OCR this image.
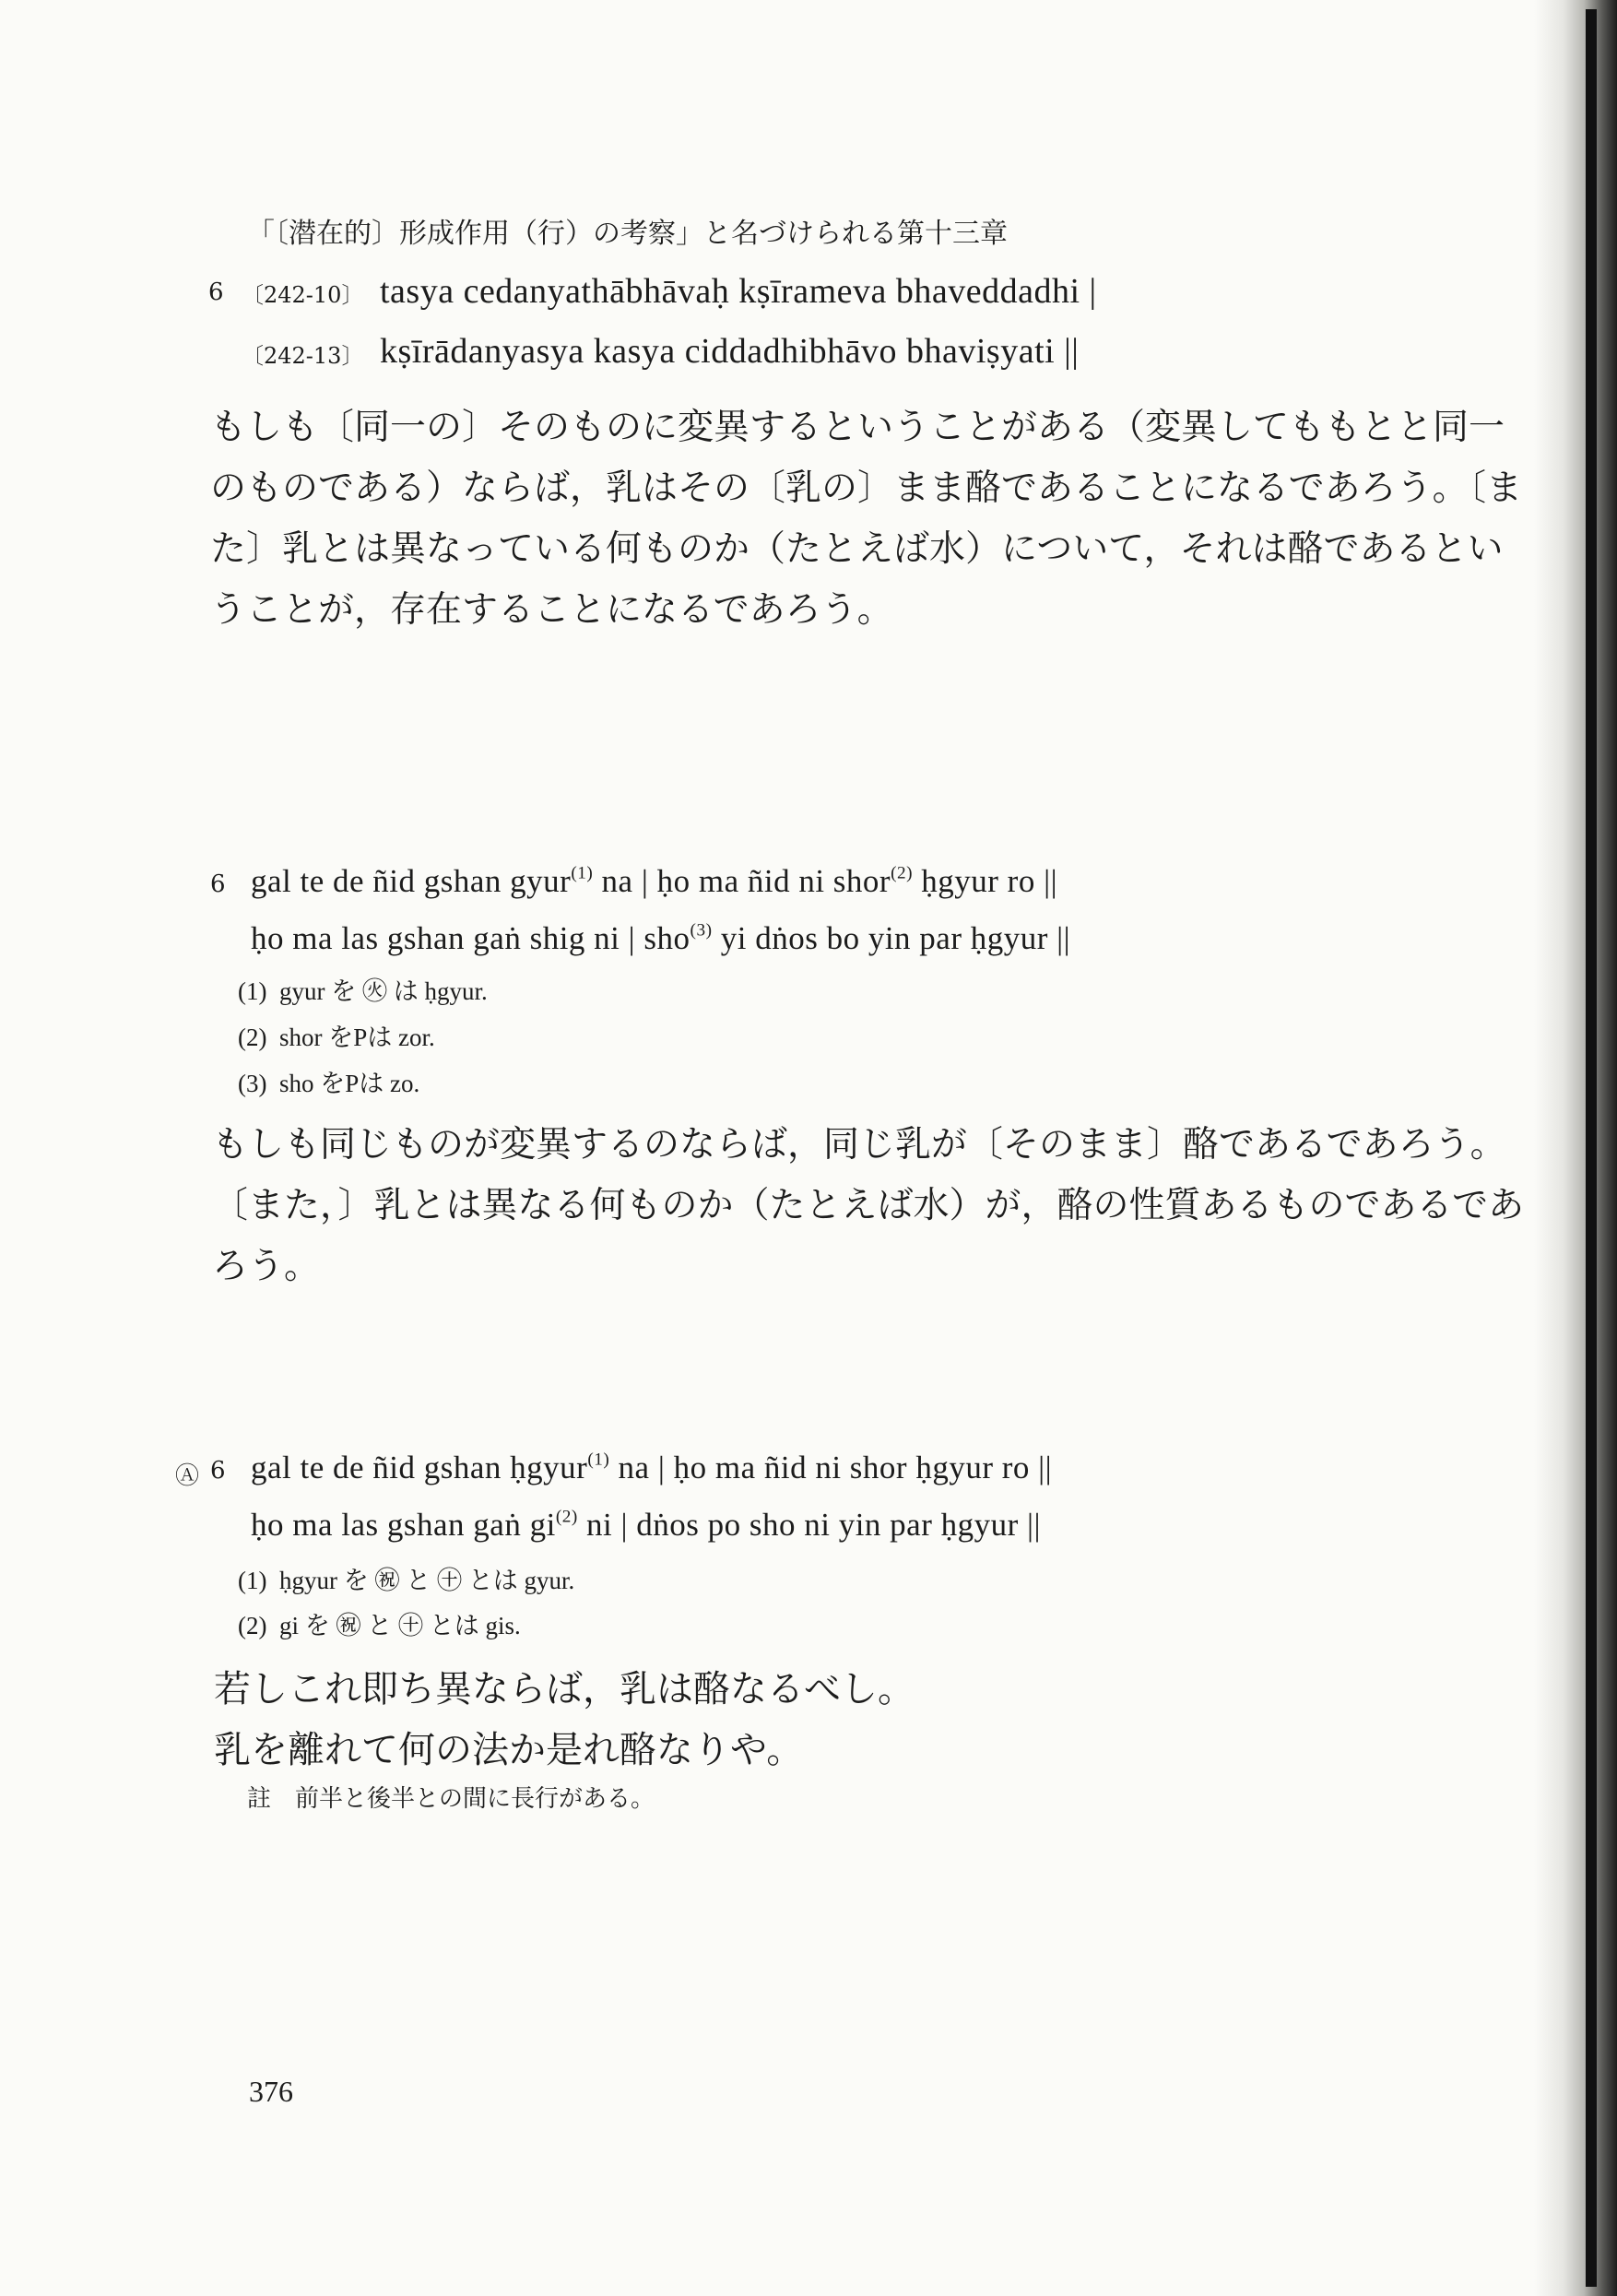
「〔潜在的〕形成作用（行）の考察」と名づけられる第十三章
6 〔242-10〕 tasya cedanyathābhāvaḥ kṣīrameva bhaveddadhi |
〔242-13〕 kṣīrādanyasya kasya ciddadhibhāvo bhaviṣyati ||
もしも〔同一の〕そのものに変異するということがある（変異してももとと同一
のものである）ならば，乳はその〔乳の〕まま酪であることになるであろう。〔ま
た〕乳とは異なっている何ものか（たとえば水）について，それは酪であるとい
うことが，存在することになるであろう。
6 gal te de ñid gshan gyur$^{(1)}$ na | ḥo ma ñid ni shor$^{(2)}$ ḥgyur ro ||
ḥo ma las gshan gaṅ shig ni | sho$^{(3)}$ yi dṅos bo yin par ḥgyur ||
(1) gyur を ㊋ は ḥgyur.
(2) shor をPは zor.
(3) sho をPは zo.
もしも同じものが変異するのならば，同じ乳が〔そのまま〕酪であるであろう。
〔また，〕乳とは異なる何ものか（たとえば水）が，酪の性質あるものであるであ
ろう。
Ⓐ 6 gal te de ñid gshan ḥgyur$^{(1)}$ na | ḥo ma ñid ni shor ḥgyur ro ||
ḥo ma las gshan gaṅ $gi^{(2)}$ ni | dṅos po sho ni yin par ḥgyur ||
(1) ḥgyur を ㊗ と ㊉ とは gyur.
(2) gi を ㊗ と ㊉ とは gis.
若しこれ即ち異ならば，乳は酪なるべし。
乳を離れて何の法か是れ酪なりや。
註 前半と後半との間に長行がある。
376
